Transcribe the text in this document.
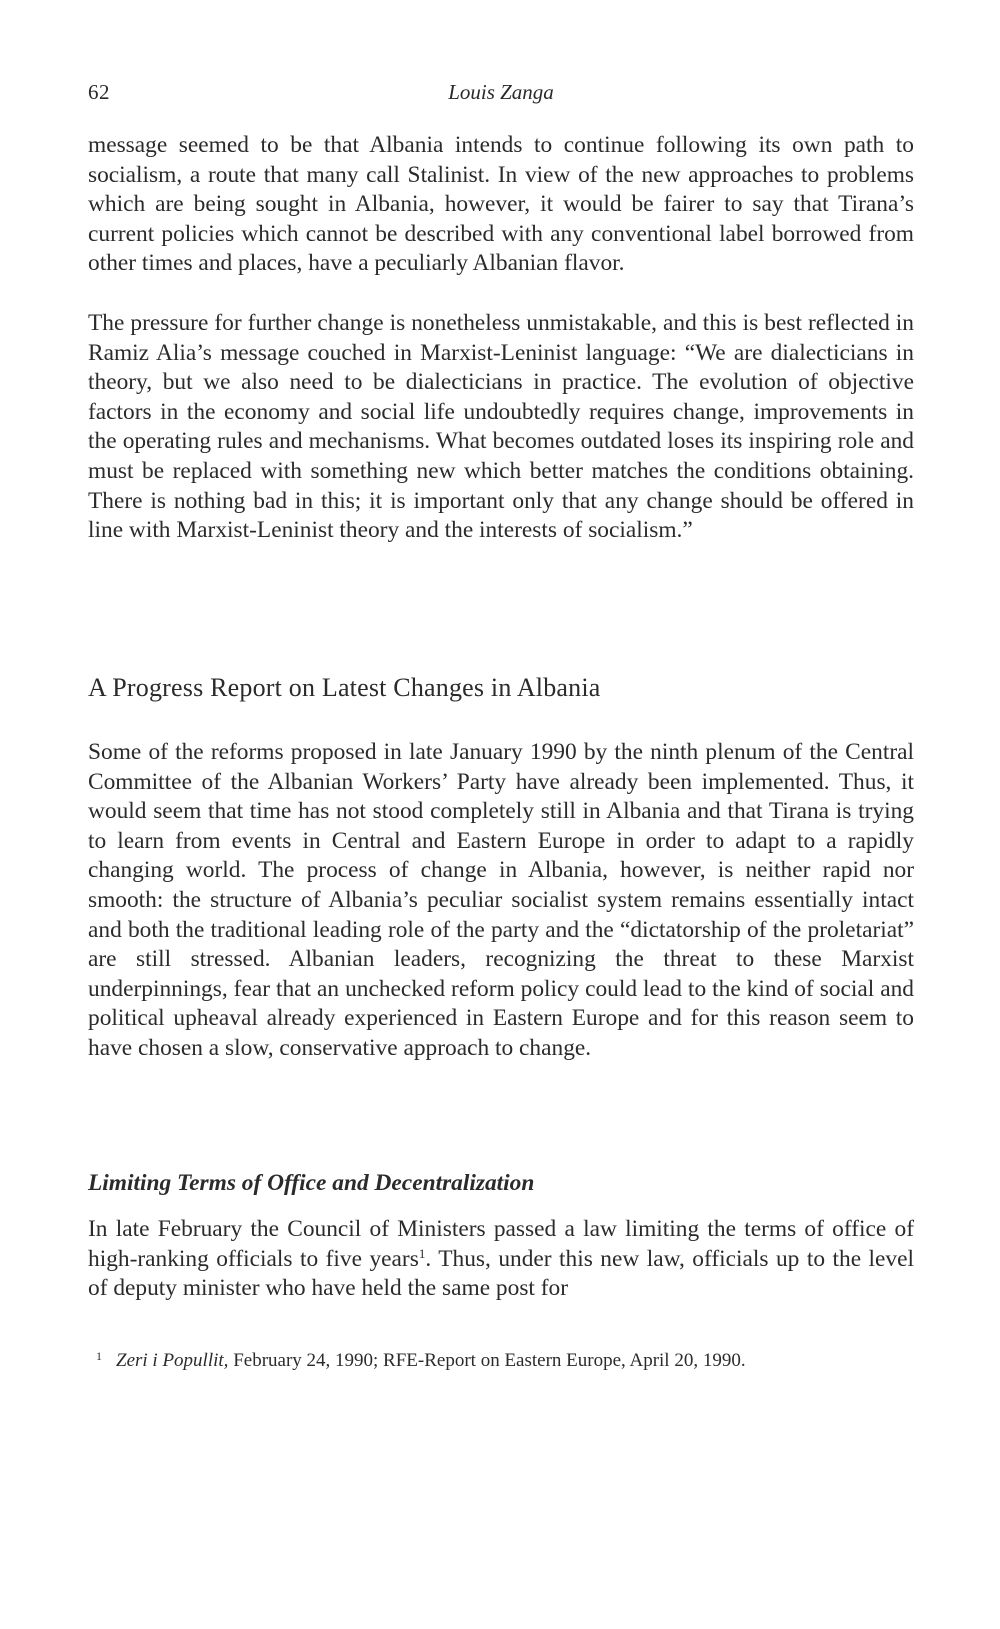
62	Louis Zanga

message seemed to be that Albania intends to continue following its own path to socialism, a route that many call Stalinist. In view of the new approaches to problems which are being sought in Albania, however, it would be fairer to say that Tirana’s current policies which cannot be described with any conventional label borrowed from other times and places, have a peculiarly Albanian flavor.

The pressure for further change is nonetheless unmistakable, and this is best reflected in Ramiz Alia’s message couched in Marxist-Leninist language: “We are dialecticians in theory, but we also need to be dialecticians in practice. The evolution of objective factors in the economy and social life undoubtedly requires change, improvements in the operating rules and mechanisms. What becomes outdated loses its inspiring role and must be replaced with something new which better matches the conditions obtaining. There is nothing bad in this; it is important only that any change should be offered in line with Marxist-Leninist theory and the interests of socialism.”

A Progress Report on Latest Changes in Albania

Some of the reforms proposed in late January 1990 by the ninth plenum of the Central Committee of the Albanian Workers’ Party have already been implemented. Thus, it would seem that time has not stood completely still in Albania and that Tirana is trying to learn from events in Central and Eastern Europe in order to adapt to a rapidly changing world. The process of change in Albania, however, is neither rapid nor smooth: the structure of Albania’s peculiar socialist system remains essentially intact and both the traditional leading role of the party and the “dictatorship of the proletariat” are still stressed. Albanian leaders, recognizing the threat to these Marxist underpinnings, fear that an unchecked reform policy could lead to the kind of social and political upheaval already experienced in Eastern Europe and for this reason seem to have chosen a slow, conservative approach to change.

Limiting Terms of Office and Decentralization

In late February the Council of Ministers passed a law limiting the terms of office of high-ranking officials to five years$^1$. Thus, under this new law, officials up to the level of deputy minister who have held the same post for

$^1$ Zeri i Popullit, February 24, 1990; RFE-Report on Eastern Europe, April 20, 1990.
